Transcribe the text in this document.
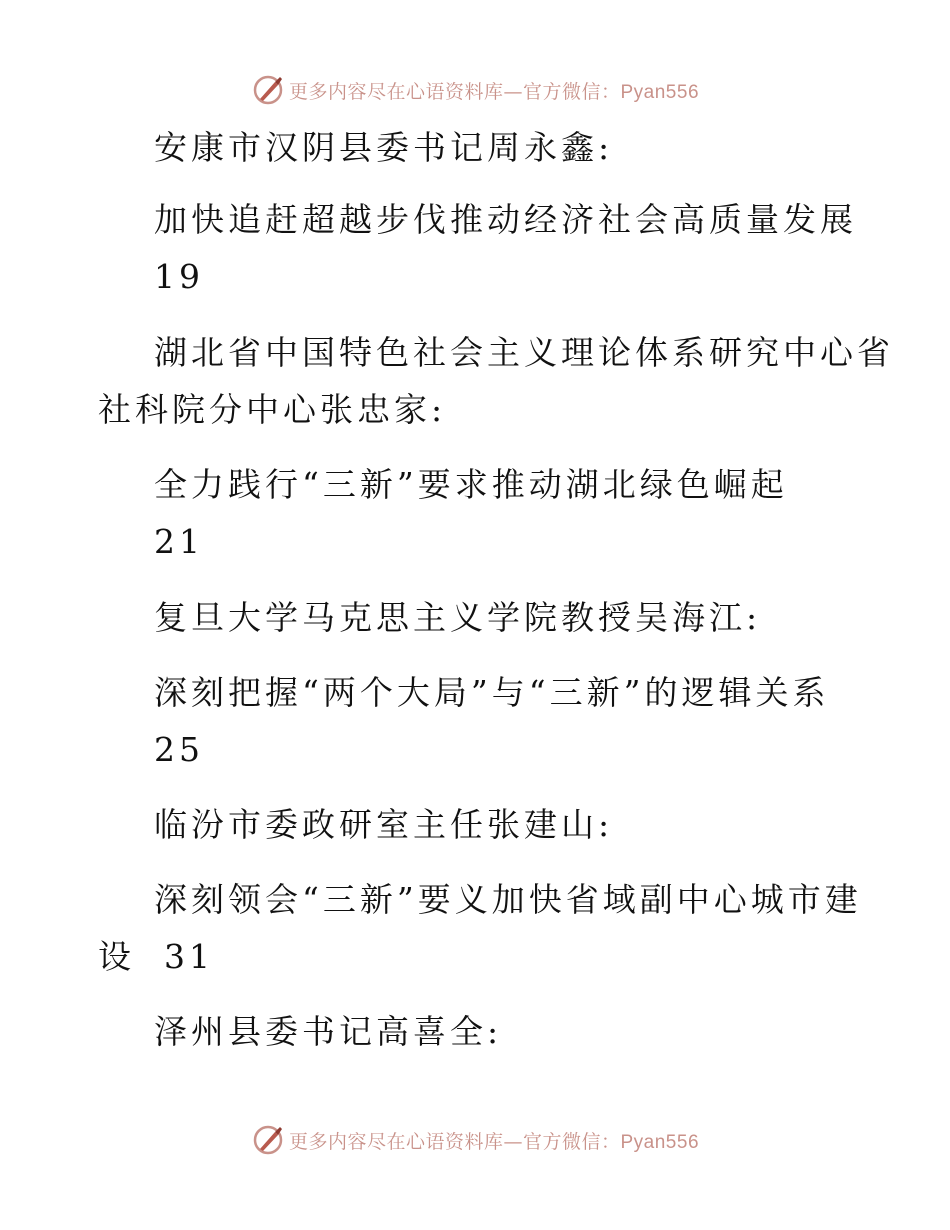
更多内容尽在心语资料库—官方微信：Pyan556
安康市汉阴县委书记周永鑫:
加快追赶超越步伐推动经济社会高质量发展
19
湖北省中国特色社会主义理论体系研究中心省
社科院分中心张忠家:
全力践行“三新”要求推动湖北绿色崛起
21
复旦大学马克思主义学院教授吴海江:
深刻把握“两个大局”与“三新”的逻辑关系
25
临汾市委政研室主任张建山:
深刻领会“三新”要义加快省域副中心城市建
设 31
泽州县委书记高喜全:
更多内容尽在心语资料库—官方微信：Pyan556
